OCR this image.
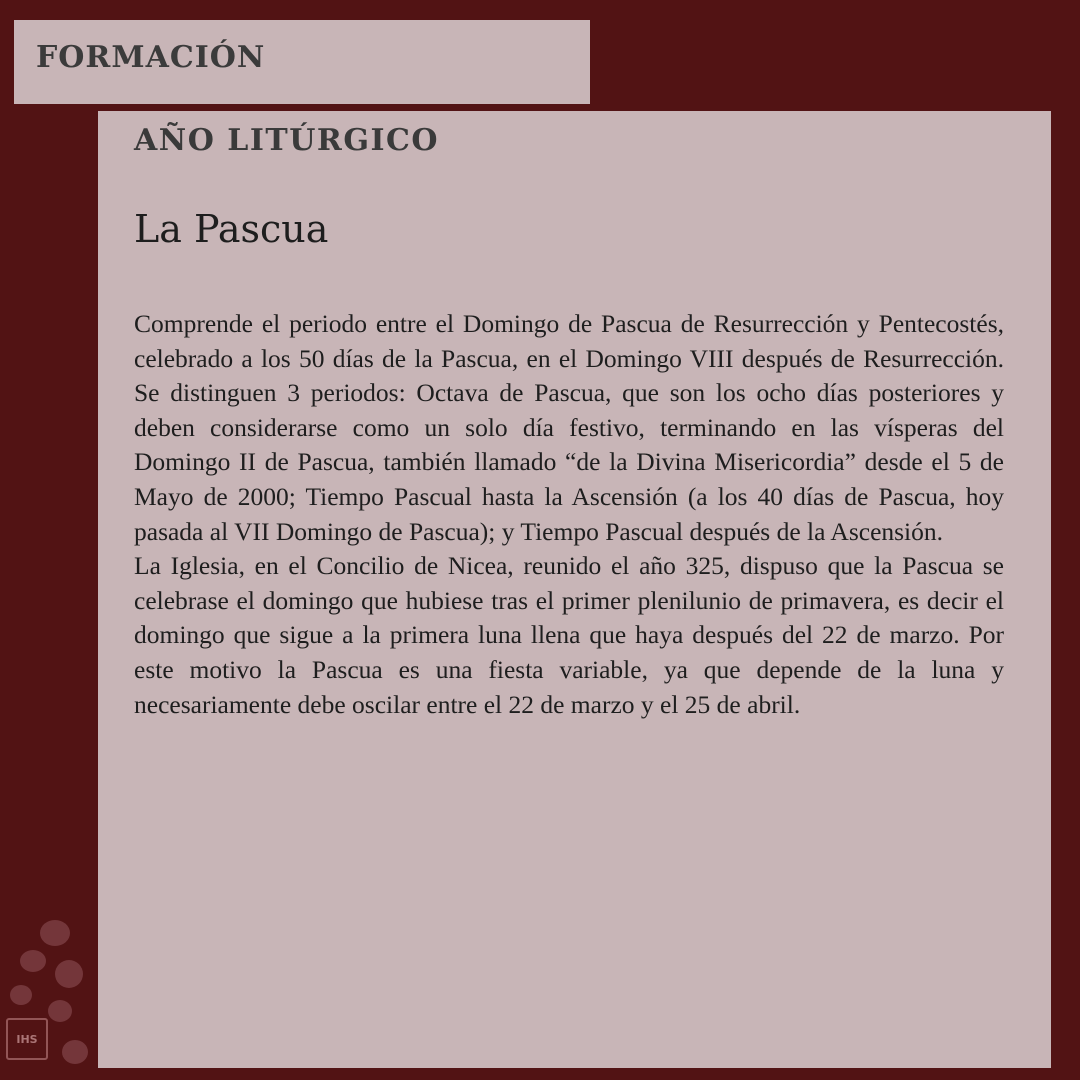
FORMACIÓN
AÑO LITÚRGICO
La Pascua

Comprende el periodo entre el Domingo de Pascua de Resurrección y Pentecostés, celebrado a los 50 días de la Pascua, en el Domingo VIII después de Resurrección. Se distinguen 3 periodos: Octava de Pascua, que son los ocho días posteriores y deben considerarse como un solo día festivo, terminando en las vísperas del Domingo II de Pascua, también llamado “de la Divina Misericordia” desde el 5 de Mayo de 2000; Tiempo Pascual hasta la Ascensión (a los 40 días de Pascua, hoy pasada al VII Domingo de Pascua); y Tiempo Pascual después de la Ascensión.

La Iglesia, en el Concilio de Nicea, reunido el año 325, dispuso que la Pascua se celebrase el domingo que hubiese tras el primer plenilunio de primavera, es decir el domingo que sigue a la primera luna llena que haya después del 22 de marzo. Por este motivo la Pascua es una fiesta variable, ya que depende de la luna y necesariamente debe oscilar entre el 22 de marzo y el 25 de abril.

IHS
